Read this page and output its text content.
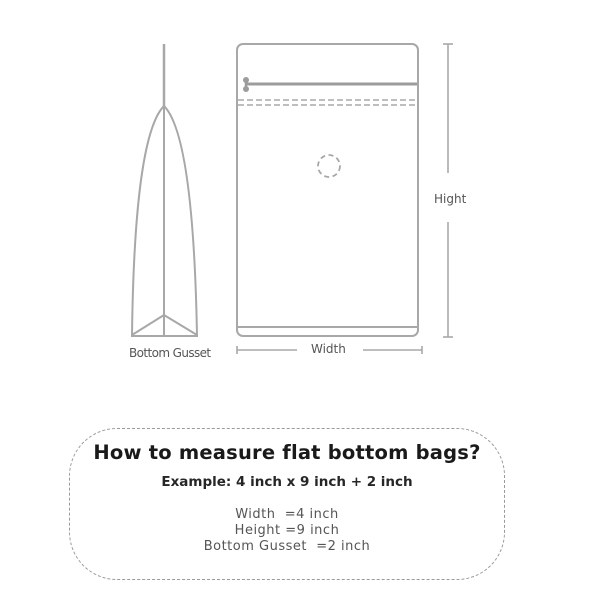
Bottom Gusset	Width
Hight
How to measure flat bottom bags?
Example: 4 inch x 9 inch + 2 inch
Width  =4 inch
Height =9 inch
Bottom Gusset  =2 inch
